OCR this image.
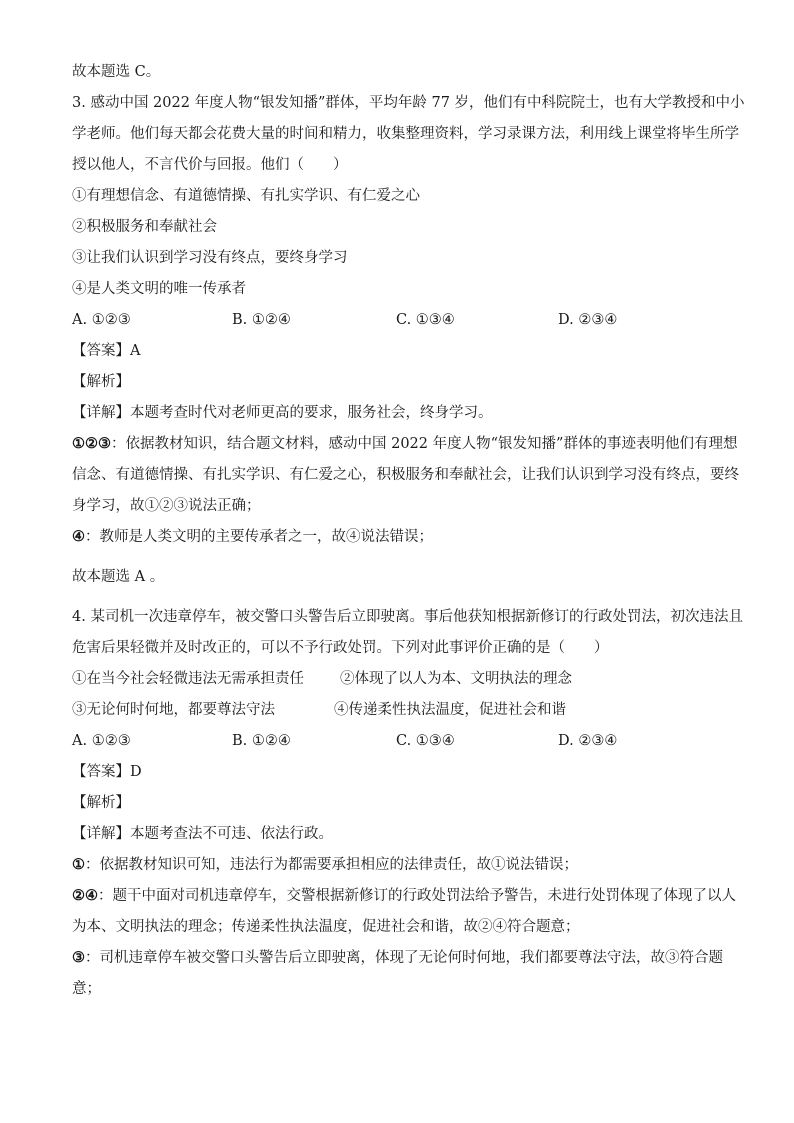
故本题选 C。
3. 感动中国 2022 年度人物“银发知播”群体，平均年龄 77 岁，他们有中科院院士，也有大学教授和中小
学老师。他们每天都会花费大量的时间和精力，收集整理资料，学习录课方法，利用线上课堂将毕生所学
授以他人，不言代价与回报。他们（　　）
①有理想信念、有道德情操、有扎实学识、有仁爱之心
②积极服务和奉献社会
③让我们认识到学习没有终点，要终身学习
④是人类文明的唯一传承者
A. ①②③	B. ①②④	C. ①③④	D. ②③④
【答案】A
【解析】
【详解】本题考查时代对老师更高的要求，服务社会，终身学习。
①②③：依据教材知识，结合题文材料，感动中国 2022 年度人物“银发知播”群体的事迹表明他们有理想
信念、有道德情操、有扎实学识、有仁爱之心，积极服务和奉献社会，让我们认识到学习没有终点，要终
身学习，故①②③说法正确；
④：教师是人类文明的主要传承者之一，故④说法错误；
故本题选 A 。
4. 某司机一次违章停车，被交警口头警告后立即驶离。事后他获知根据新修订的行政处罚法，初次违法且
危害后果轻微并及时改正的，可以不予行政处罚。下列对此事评价正确的是（　　）
①在当今社会轻微违法无需承担责任 ②体现了以人为本、文明执法的理念
③无论何时何地，都要尊法守法	④传递柔性执法温度，促进社会和谐
A. ①②③	B. ①②④	C. ①③④	D. ②③④
【答案】D
【解析】
【详解】本题考查法不可违、依法行政。
①：依据教材知识可知，违法行为都需要承担相应的法律责任，故①说法错误；
②④：题干中面对司机违章停车，交警根据新修订的行政处罚法给予警告，未进行处罚体现了体现了以人
为本、文明执法的理念；传递柔性执法温度，促进社会和谐，故②④符合题意；
③：司机违章停车被交警口头警告后立即驶离，体现了无论何时何地，我们都要尊法守法，故③符合题
意；
